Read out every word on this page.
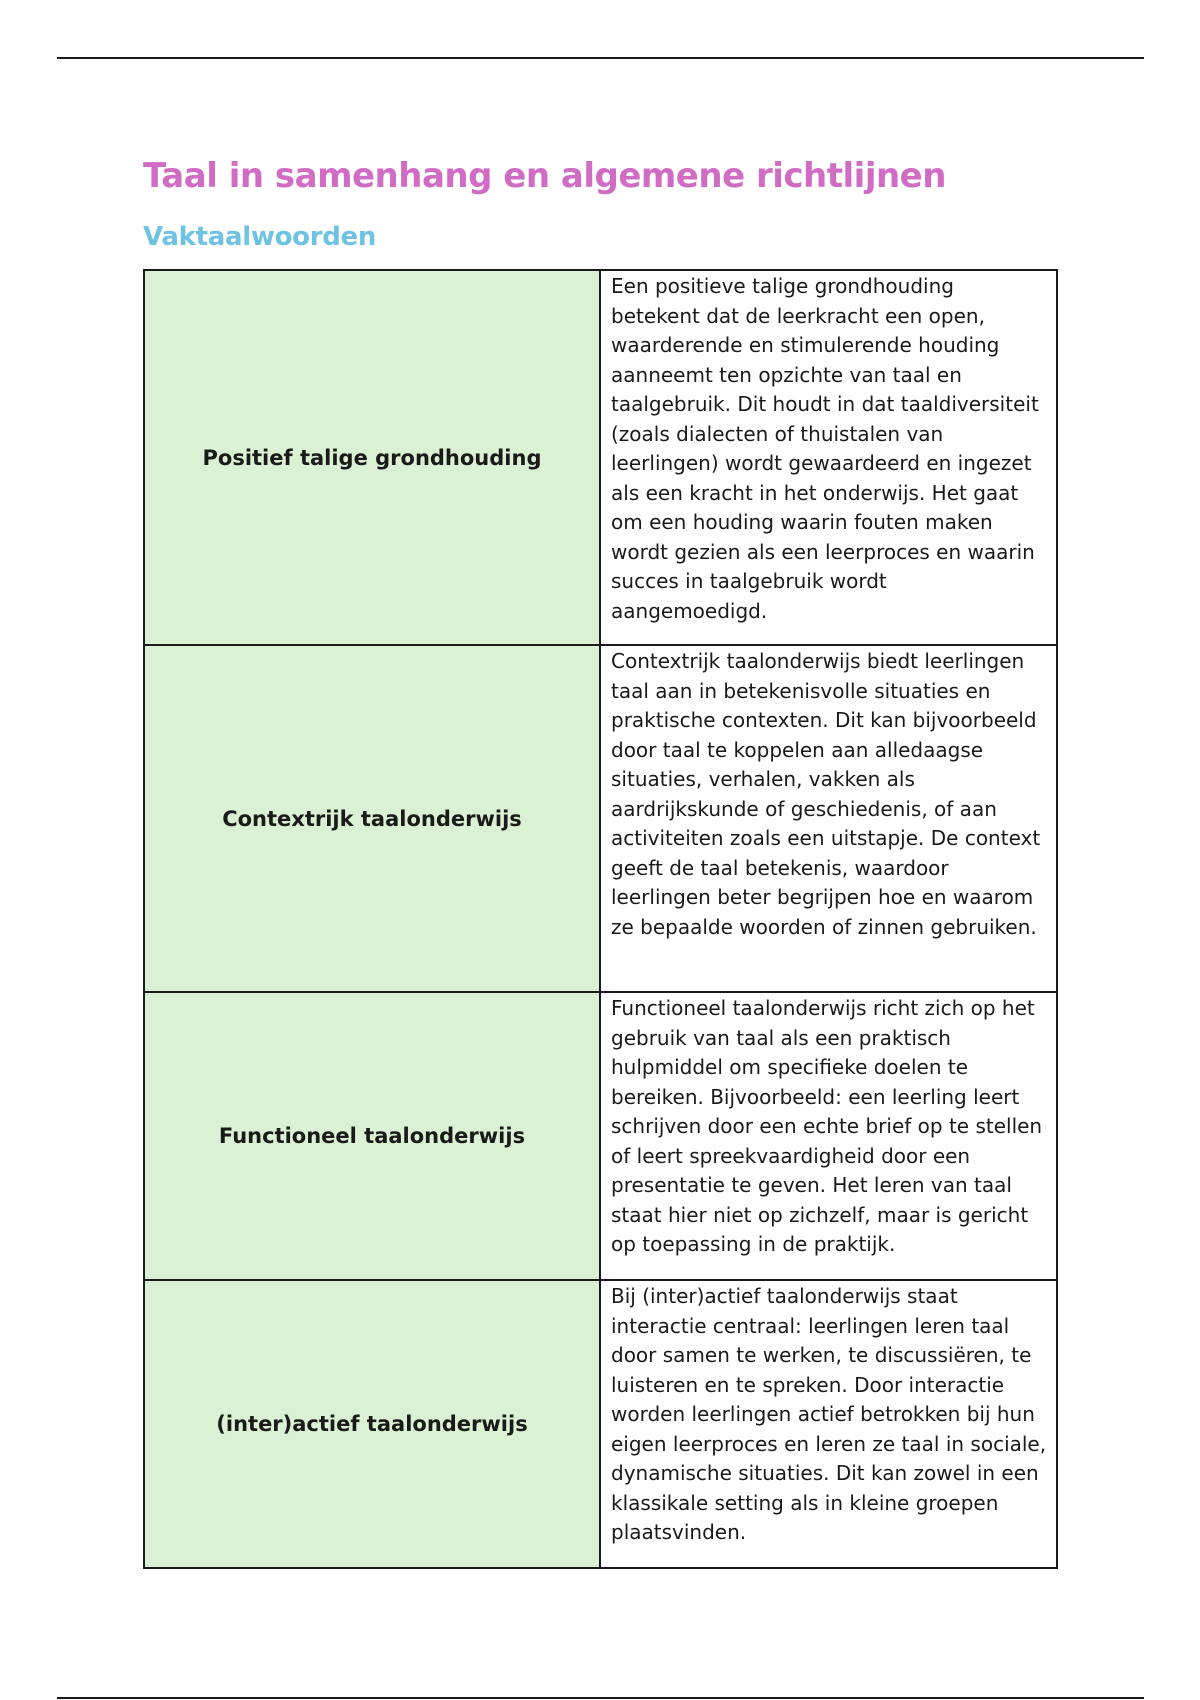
Taal in samenhang en algemene richtlijnen
Vaktaalwoorden
Positief talige grondhouding	Een positieve talige grondhouding betekent dat de leerkracht een open, waarderende en stimulerende houding aanneemt ten opzichte van taal en taalgebruik. Dit houdt in dat taaldiversiteit (zoals dialecten of thuistalen van leerlingen) wordt gewaardeerd en ingezet als een kracht in het onderwijs. Het gaat om een houding waarin fouten maken wordt gezien als een leerproces en waarin succes in taalgebruik wordt aangemoedigd.
Contextrijk taalonderwijs	Contextrijk taalonderwijs biedt leerlingen taal aan in betekenisvolle situaties en praktische contexten. Dit kan bijvoorbeeld door taal te koppelen aan alledaagse situaties, verhalen, vakken als aardrijkskunde of geschiedenis, of aan activiteiten zoals een uitstapje. De context geeft de taal betekenis, waardoor leerlingen beter begrijpen hoe en waarom ze bepaalde woorden of zinnen gebruiken.
Functioneel taalonderwijs	Functioneel taalonderwijs richt zich op het gebruik van taal als een praktisch hulpmiddel om specifieke doelen te bereiken. Bijvoorbeeld: een leerling leert schrijven door een echte brief op te stellen of leert spreekvaardigheid door een presentatie te geven. Het leren van taal staat hier niet op zichzelf, maar is gericht op toepassing in de praktijk.
(inter)actief taalonderwijs	Bij (inter)actief taalonderwijs staat interactie centraal: leerlingen leren taal door samen te werken, te discussiëren, te luisteren en te spreken. Door interactie worden leerlingen actief betrokken bij hun eigen leerproces en leren ze taal in sociale, dynamische situaties. Dit kan zowel in een klassikale setting als in kleine groepen plaatsvinden.
